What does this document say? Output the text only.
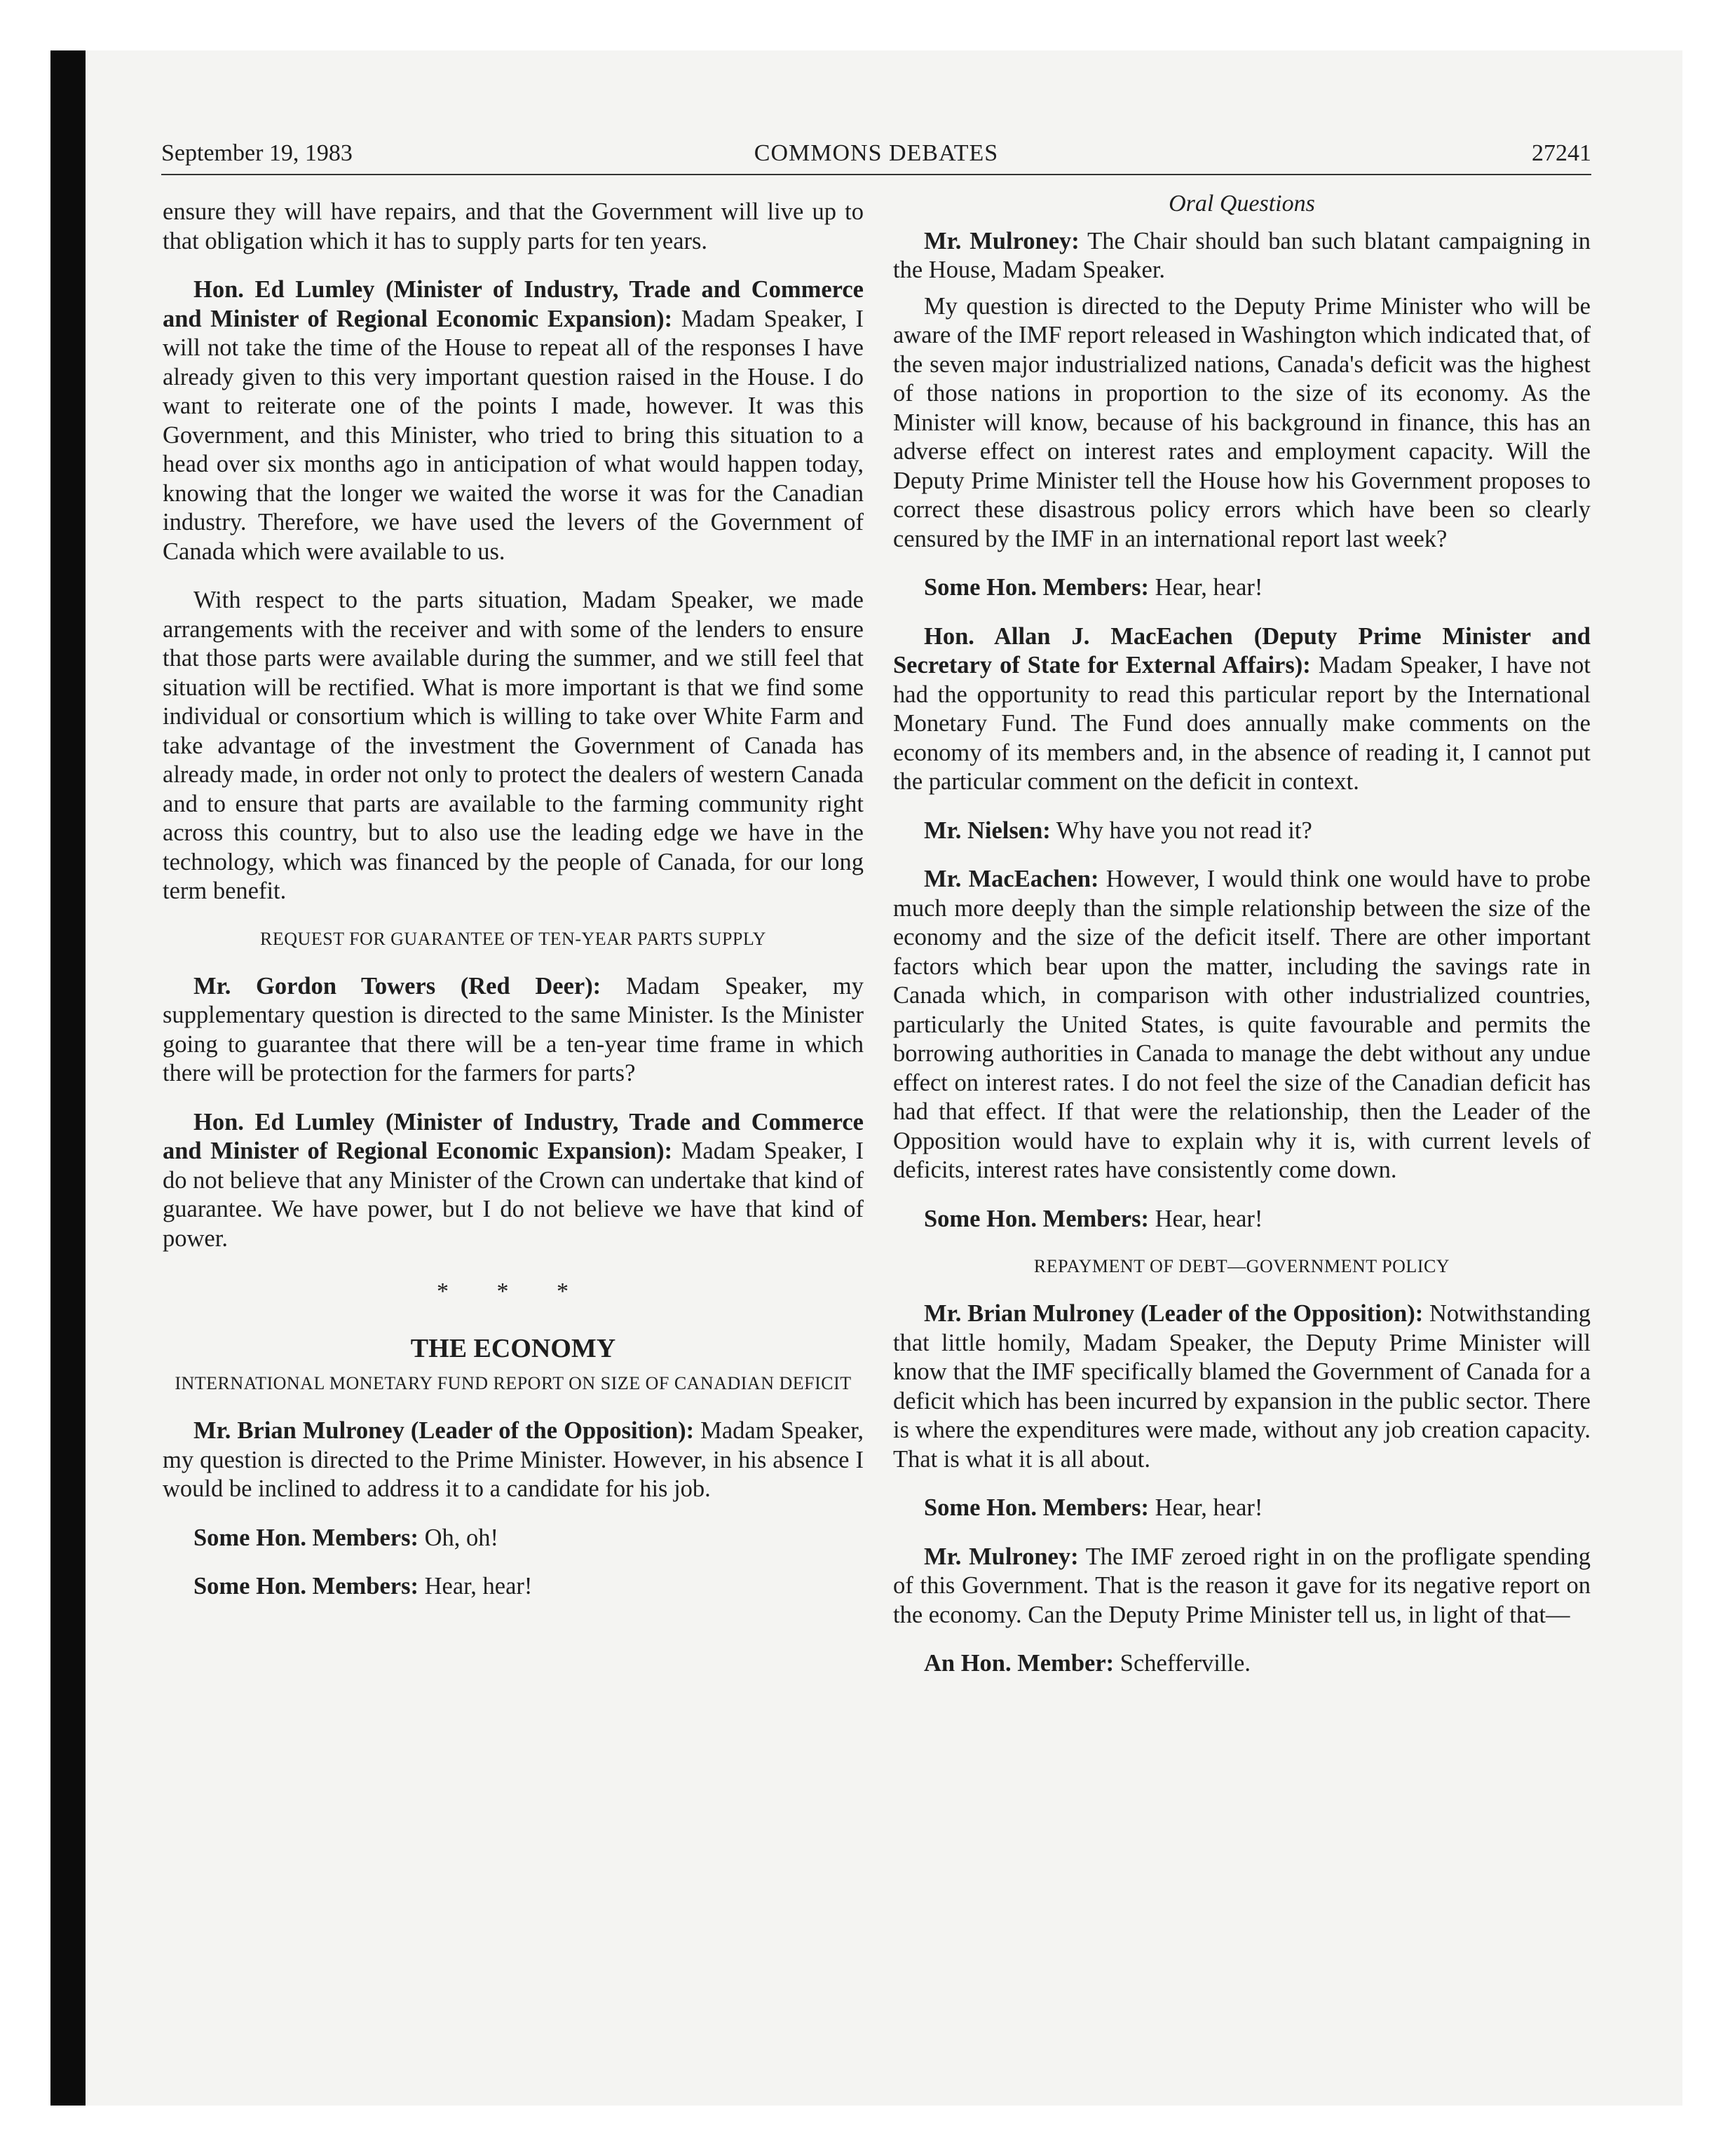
September 19, 1983	COMMONS DEBATES	27241

ensure they will have repairs, and that the Government will live up to that obligation which it has to supply parts for ten years.

Hon. Ed Lumley (Minister of Industry, Trade and Commerce and Minister of Regional Economic Expansion): Madam Speaker, I will not take the time of the House to repeat all of the responses I have already given to this very important question raised in the House. I do want to reiterate one of the points I made, however. It was this Government, and this Minister, who tried to bring this situation to a head over six months ago in anticipation of what would happen today, knowing that the longer we waited the worse it was for the Canadian industry. Therefore, we have used the levers of the Government of Canada which were available to us.

With respect to the parts situation, Madam Speaker, we made arrangements with the receiver and with some of the lenders to ensure that those parts were available during the summer, and we still feel that situation will be rectified. What is more important is that we find some individual or consortium which is willing to take over White Farm and take advantage of the investment the Government of Canada has already made, in order not only to protect the dealers of western Canada and to ensure that parts are available to the farming community right across this country, but to also use the leading edge we have in the technology, which was financed by the people of Canada, for our long term benefit.

REQUEST FOR GUARANTEE OF TEN-YEAR PARTS SUPPLY

Mr. Gordon Towers (Red Deer): Madam Speaker, my supplementary question is directed to the same Minister. Is the Minister going to guarantee that there will be a ten-year time frame in which there will be protection for the farmers for parts?

Hon. Ed Lumley (Minister of Industry, Trade and Commerce and Minister of Regional Economic Expansion): Madam Speaker, I do not believe that any Minister of the Crown can undertake that kind of guarantee. We have power, but I do not believe we have that kind of power.

* * *
THE ECONOMY
INTERNATIONAL MONETARY FUND REPORT ON SIZE OF CANADIAN DEFICIT

Mr. Brian Mulroney (Leader of the Opposition): Madam Speaker, my question is directed to the Prime Minister. However, in his absence I would be inclined to address it to a candidate for his job.

Some Hon. Members: Oh, oh!

Some Hon. Members: Hear, hear!

Oral Questions

Mr. Mulroney: The Chair should ban such blatant campaigning in the House, Madam Speaker.

My question is directed to the Deputy Prime Minister who will be aware of the IMF report released in Washington which indicated that, of the seven major industrialized nations, Canada's deficit was the highest of those nations in proportion to the size of its economy. As the Minister will know, because of his background in finance, this has an adverse effect on interest rates and employment capacity. Will the Deputy Prime Minister tell the House how his Government proposes to correct these disastrous policy errors which have been so clearly censured by the IMF in an international report last week?

Some Hon. Members: Hear, hear!

Hon. Allan J. MacEachen (Deputy Prime Minister and Secretary of State for External Affairs): Madam Speaker, I have not had the opportunity to read this particular report by the International Monetary Fund. The Fund does annually make comments on the economy of its members and, in the absence of reading it, I cannot put the particular comment on the deficit in context.

Mr. Nielsen: Why have you not read it?

Mr. MacEachen: However, I would think one would have to probe much more deeply than the simple relationship between the size of the economy and the size of the deficit itself. There are other important factors which bear upon the matter, including the savings rate in Canada which, in comparison with other industrialized countries, particularly the United States, is quite favourable and permits the borrowing authorities in Canada to manage the debt without any undue effect on interest rates. I do not feel the size of the Canadian deficit has had that effect. If that were the relationship, then the Leader of the Opposition would have to explain why it is, with current levels of deficits, interest rates have consistently come down.

Some Hon. Members: Hear, hear!

REPAYMENT OF DEBT—GOVERNMENT POLICY

Mr. Brian Mulroney (Leader of the Opposition): Notwithstanding that little homily, Madam Speaker, the Deputy Prime Minister will know that the IMF specifically blamed the Government of Canada for a deficit which has been incurred by expansion in the public sector. There is where the expenditures were made, without any job creation capacity. That is what it is all about.

Some Hon. Members: Hear, hear!

Mr. Mulroney: The IMF zeroed right in on the profligate spending of this Government. That is the reason it gave for its negative report on the economy. Can the Deputy Prime Minister tell us, in light of that—

An Hon. Member: Schefferville.
